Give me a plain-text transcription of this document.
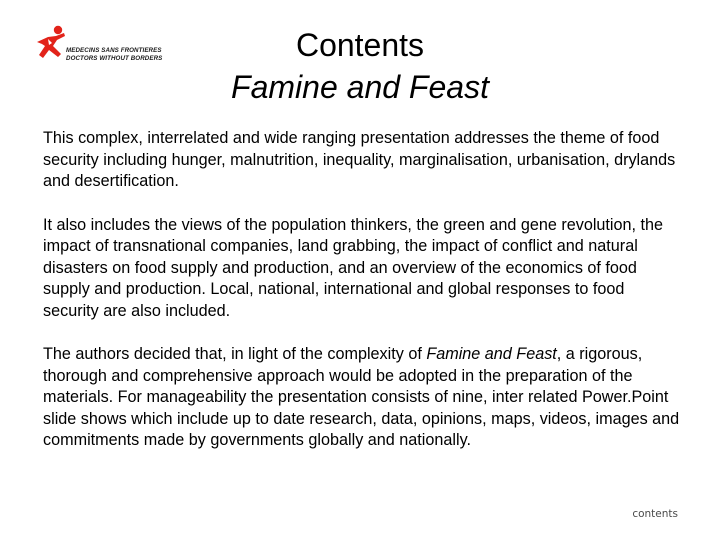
MEDECINS SANS FRONTIERES
DOCTORS WITHOUT BORDERS	Contents
Famine and Feast

This complex, interrelated and wide ranging presentation addresses the theme of food security including hunger, malnutrition, inequality, marginalisation, urbanisation, drylands and desertification.

It also includes the views of the population thinkers, the green and gene revolution, the impact of transnational companies, land grabbing, the impact of conflict and natural disasters on food supply and production, and an overview of the economics of food supply and production. Local, national, international and global responses to food security are also included.

The authors decided that, in light of the complexity of Famine and Feast, a rigorous, thorough and comprehensive approach would be adopted in the preparation of the materials. For manageability the presentation consists of nine, inter related Power.Point slide shows which include up to date research, data, opinions, maps, videos, images and commitments made by governments globally and nationally.

contents
